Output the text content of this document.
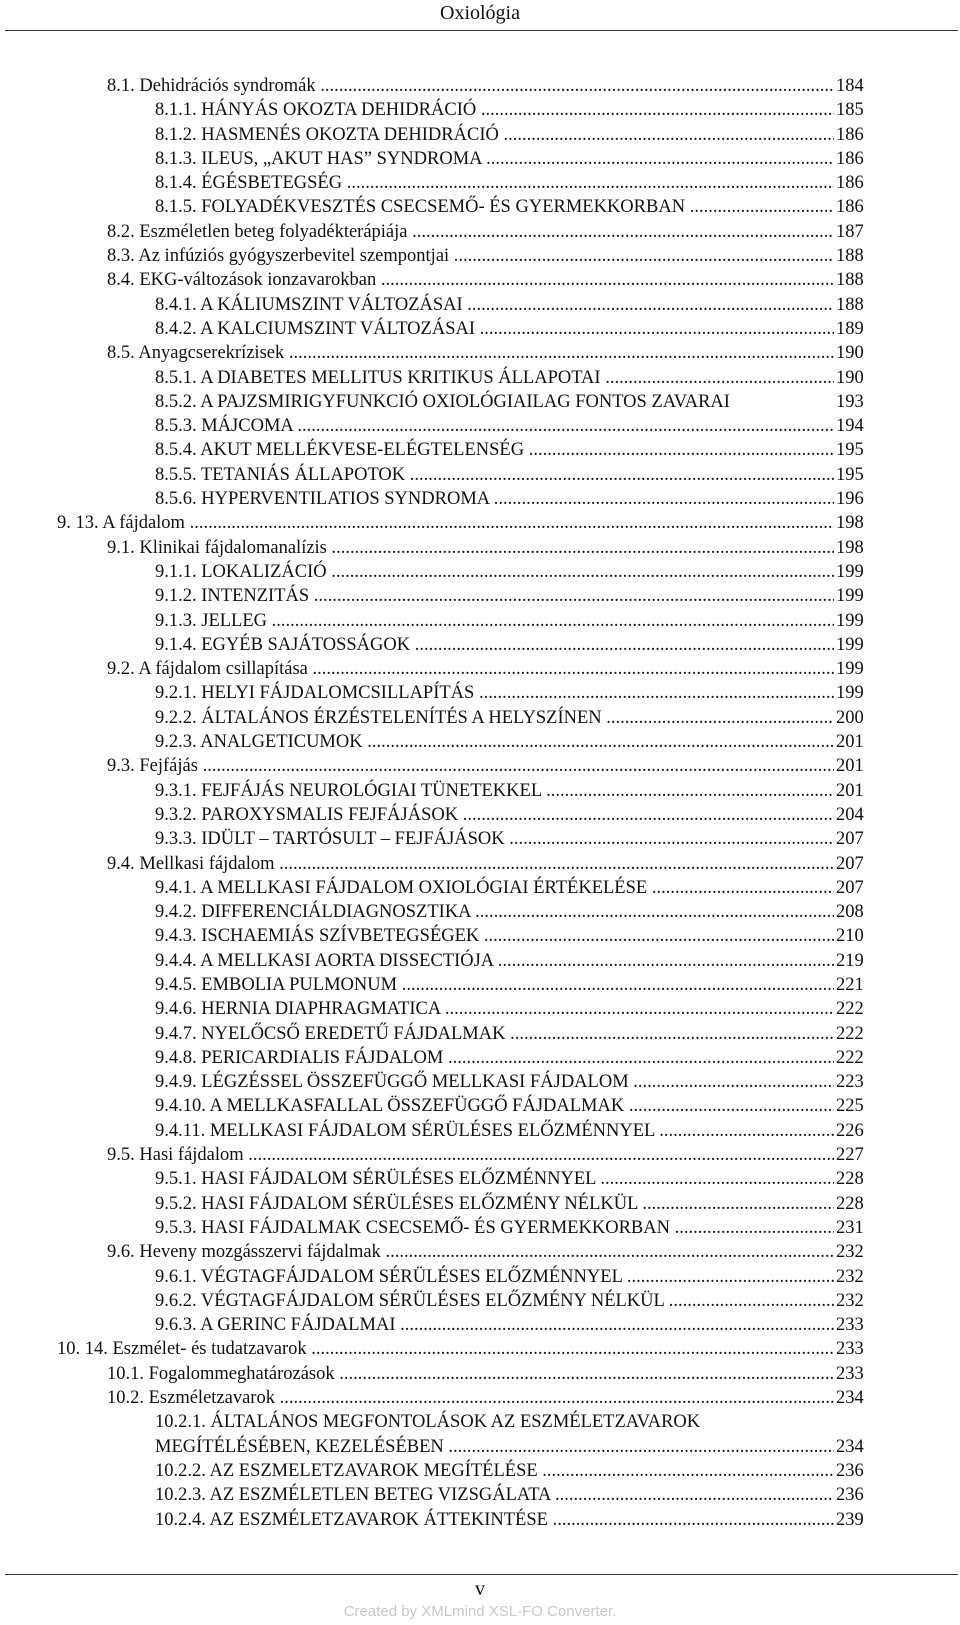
Oxiológia
8.1. Dehidrációs syndromák .....	184
8.1.1. HÁNYÁS OKOZTA DEHIDRÁCIÓ .....	185
8.1.2. HASMENÉS OKOZTA DEHIDRÁCIÓ .....	186
8.1.3. ILEUS, „AKUT HAS” SYNDROMA .....	186
8.1.4. ÉGÉSBETEGSÉG .....	186
8.1.5. FOLYADÉKVESZTÉS CSECSEMŐ- ÉS GYERMEKKORBAN .....	186
8.2. Eszméletlen beteg folyadékterápiája .....	187
8.3. Az infúziós gyógyszerbevitel szempontjai .....	188
8.4. EKG-változások ionzavarokban .....	188
8.4.1. A KÁLIUMSZINT VÁLTOZÁSAI .....	188
8.4.2. A KALCIUMSZINT VÁLTOZÁSAI .....	189
8.5. Anyagcserekrízisek .....	190
8.5.1. A DIABETES MELLITUS KRITIKUS ÁLLAPOTAI .....	190
8.5.2. A PAJZSMIRIGYFUNKCIÓ OXIOLÓGIAILAG FONTOS ZAVARAI	193
8.5.3. MÁJCOMA .....	194
8.5.4. AKUT MELLÉKVESE-ELÉGTELENSÉG .....	195
8.5.5. TETANIÁS ÁLLAPOTOK .....	195
8.5.6. HYPERVENTILATIOS SYNDROMA .....	196
9. 13. A fájdalom .....	198
9.1. Klinikai fájdalomanalízis .....	198
9.1.1. LOKALIZÁCIÓ .....	199
9.1.2. INTENZITÁS .....	199
9.1.3. JELLEG .....	199
9.1.4. EGYÉB SAJÁTOSSÁGOK .....	199
9.2. A fájdalom csillapítása .....	199
9.2.1. HELYI FÁJDALOMCSILLAPÍTÁS .....	199
9.2.2. ÁLTALÁNOS ÉRZÉSTELENÍTÉS A HELYSZÍNEN .....	200
9.2.3. ANALGETICUMOK .....	201
9.3. Fejfájás .....	201
9.3.1. FEJFÁJÁS NEUROLÓGIAI TÜNETEKKEL .....	201
9.3.2. PAROXYSMALIS FEJFÁJÁSOK .....	204
9.3.3. IDÜLT – TARTÓSULT – FEJFÁJÁSOK .....	207
9.4. Mellkasi fájdalom .....	207
9.4.1. A MELLKASI FÁJDALOM OXIOLÓGIAI ÉRTÉKELÉSE .....	207
9.4.2. DIFFERENCIÁLDIAGNOSZTIKA .....	208
9.4.3. ISCHAEMIÁS SZÍVBETEGSÉGEK .....	210
9.4.4. A MELLKASI AORTA DISSECTIÓJA .....	219
9.4.5. EMBOLIA PULMONUM .....	221
9.4.6. HERNIA DIAPHRAGMATICA .....	222
9.4.7. NYELŐCSŐ EREDETŰ FÁJDALMAK .....	222
9.4.8. PERICARDIALIS FÁJDALOM .....	222
9.4.9. LÉGZÉSSEL ÖSSZEFÜGGŐ MELLKASI FÁJDALOM .....	223
9.4.10. A MELLKASFALLAL ÖSSZEFÜGGŐ FÁJDALMAK .....	225
9.4.11. MELLKASI FÁJDALOM SÉRÜLÉSES ELŐZMÉNNYEL .....	226
9.5. Hasi fájdalom .....	227
9.5.1. HASI FÁJDALOM SÉRÜLÉSES ELŐZMÉNNYEL .....	228
9.5.2. HASI FÁJDALOM SÉRÜLÉSES ELŐZMÉNY NÉLKÜL .....	228
9.5.3. HASI FÁJDALMAK CSECSEMŐ- ÉS GYERMEKKORBAN .....	231
9.6. Heveny mozgásszervi fájdalmak .....	232
9.6.1. VÉGTAGFÁJDALOM SÉRÜLÉSES ELŐZMÉNNYEL .....	232
9.6.2. VÉGTAGFÁJDALOM SÉRÜLÉSES ELŐZMÉNY NÉLKÜL .....	232
9.6.3. A GERINC FÁJDALMAI .....	233
10. 14. Eszmélet- és tudatzavarok .....	233
10.1. Fogalommeghatározások .....	233
10.2. Eszméletzavarok .....	234
10.2.1. ÁLTALÁNOS MEGFONTOLÁSOK AZ ESZMÉLETZAVAROK
MEGÍTÉLÉSÉBEN, KEZELÉSÉBEN .....	234
10.2.2. AZ ESZMELETZAVAROK MEGÍTÉLÉSE .....	236
10.2.3. AZ ESZMÉLETLEN BETEG VIZSGÁLATA .....	236
10.2.4. AZ ESZMÉLETZAVAROK ÁTTEKINTÉSE .....	239
v
Created by XMLmind XSL-FO Converter.
